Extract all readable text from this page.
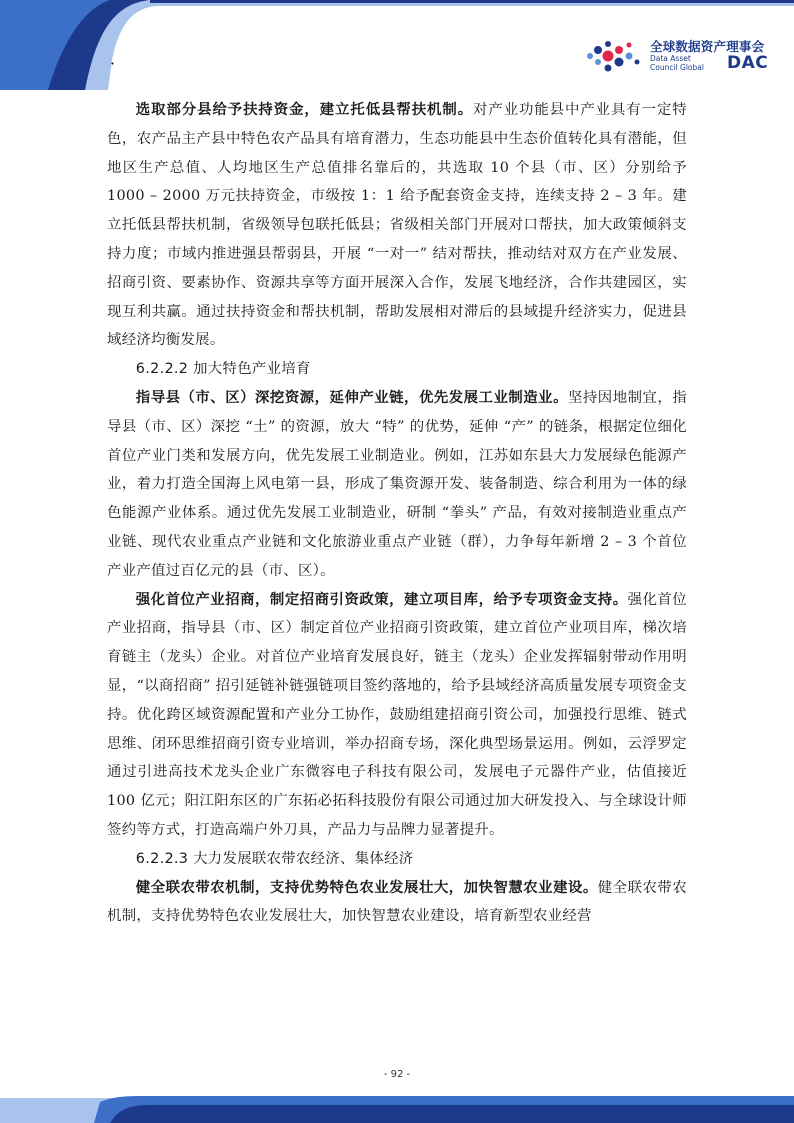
·
全球数据资产理事会
Data Asset
Council Global DAC

选取部分县给予扶持资金，建立托低县帮扶机制。对产业功能县中产业具有一定特色，农产品主产县中特色农产品具有培育潜力，生态功能县中生态价值转化具有潜能，但地区生产总值、人均地区生产总值排名靠后的，共选取 10 个县（市、区）分别给予 1000 – 2000 万元扶持资金，市级按 1：1 给予配套资金支持，连续支持 2 – 3 年。建立托低县帮扶机制，省级领导包联托低县；省级相关部门开展对口帮扶，加大政策倾斜支持力度；市域内推进强县帮弱县，开展 “一对一” 结对帮扶，推动结对双方在产业发展、招商引资、要素协作、资源共享等方面开展深入合作，发展飞地经济，合作共建园区，实现互利共赢。通过扶持资金和帮扶机制，帮助发展相对滞后的县域提升经济实力，促进县域经济均衡发展。

6.2.2.2 加大特色产业培育

指导县（市、区）深挖资源，延伸产业链，优先发展工业制造业。坚持因地制宜，指导县（市、区）深挖 “土” 的资源，放大 “特” 的优势，延伸 “产” 的链条，根据定位细化首位产业门类和发展方向，优先发展工业制造业。例如，江苏如东县大力发展绿色能源产业，着力打造全国海上风电第一县，形成了集资源开发、装备制造、综合利用为一体的绿色能源产业体系。通过优先发展工业制造业，研制 “拳头” 产品，有效对接制造业重点产业链、现代农业重点产业链和文化旅游业重点产业链（群），力争每年新增 2 – 3 个首位产业产值过百亿元的县（市、区）。

强化首位产业招商，制定招商引资政策，建立项目库，给予专项资金支持。强化首位产业招商，指导县（市、区）制定首位产业招商引资政策，建立首位产业项目库，梯次培育链主（龙头）企业。对首位产业培育发展良好，链主（龙头）企业发挥辐射带动作用明显，“以商招商” 招引延链补链强链项目签约落地的，给予县域经济高质量发展专项资金支持。优化跨区域资源配置和产业分工协作，鼓励组建招商引资公司，加强投行思维、链式思维、闭环思维招商引资专业培训，举办招商专场，深化典型场景运用。例如，云浮罗定通过引进高技术龙头企业广东微容电子科技有限公司，发展电子元器件产业，估值接近 100 亿元；阳江阳东区的广东拓必拓科技股份有限公司通过加大研发投入、与全球设计师签约等方式，打造高端户外刀具，产品力与品牌力显著提升。

6.2.2.3 大力发展联农带农经济、集体经济

健全联农带农机制，支持优势特色农业发展壮大，加快智慧农业建设。健全联农带农机制，支持优势特色农业发展壮大，加快智慧农业建设，培育新型农业经营

- 92 -
